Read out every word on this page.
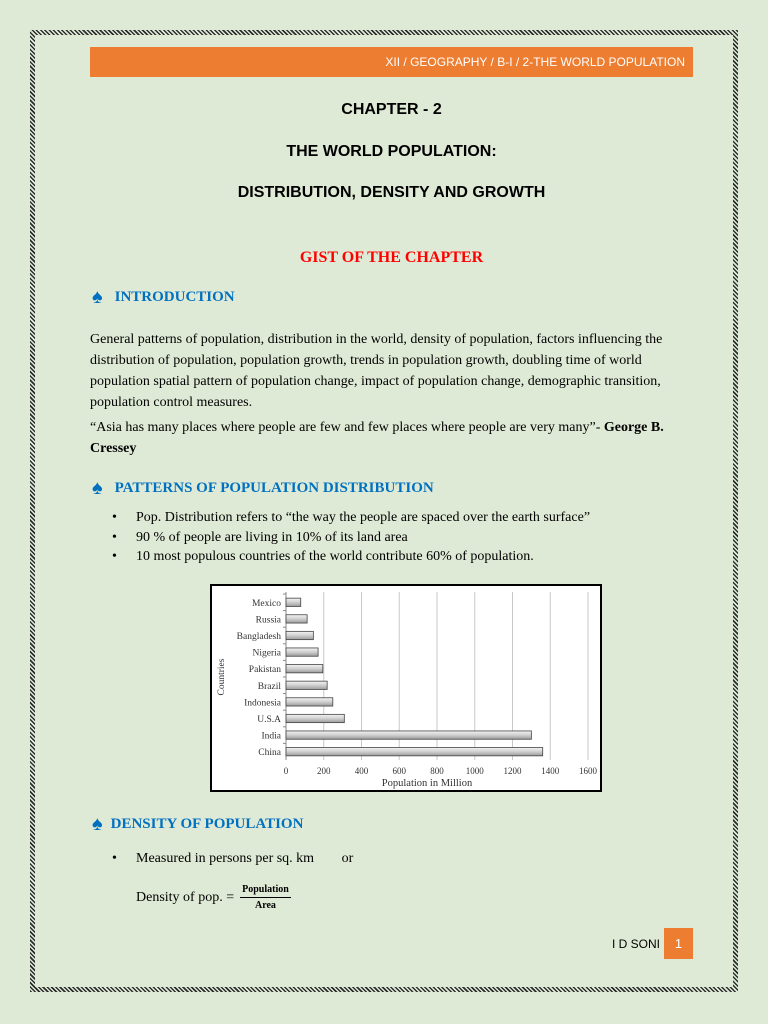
XII / GEOGRAPHY / B-I / 2-THE WORLD POPULATION
CHAPTER - 2
THE WORLD POPULATION:
DISTRIBUTION, DENSITY AND GROWTH
GIST OF THE CHAPTER
♠ INTRODUCTION
General patterns of population, distribution in the world, density of population, factors influencing the distribution of population, population growth, trends in population growth, doubling time of world population spatial pattern of population change, impact of population change, demographic transition, population control measures.
“Asia has many places where people are few and few places where people are very many”- George B. Cressey
♠ PATTERNS OF POPULATION DISTRIBUTION
• Pop. Distribution refers to “the way the people are spaced over the earth surface”
• 90 % of people are living in 10% of its land area
• 10 most populous countries of the world contribute 60% of population.
0	200	400	600	800 1000 1200 1400 1600
Mexico
Russia
Bangladesh
Nigeria
Pakistan
Brazil
Indonesia
U.S.A
India
China
Population in Million
Countries
♠ DENSITY OF POPULATION
• Measured in persons per sq. km or
Density of pop. = $\frac{\text{Population}}{\text{Area}}$
I D SONI	1
